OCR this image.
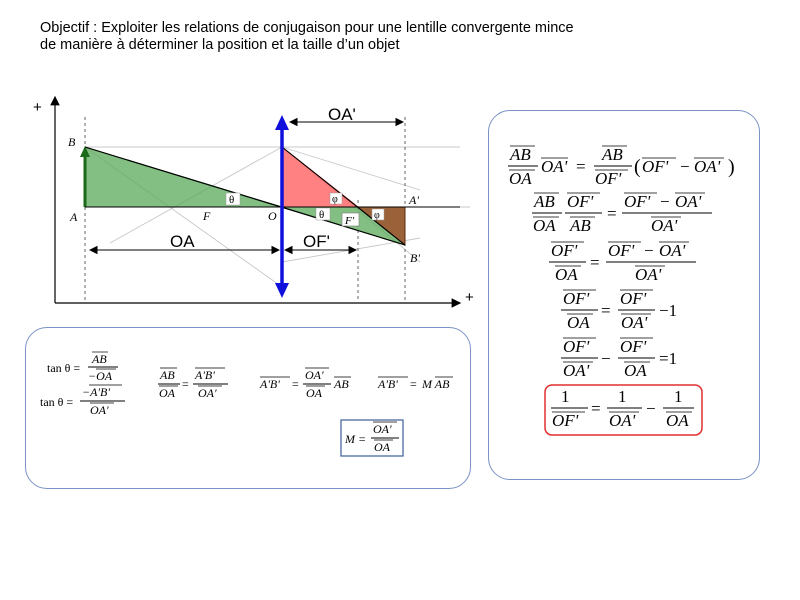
Objectif : Exploiter les relations de conjugaison pour une lentille convergente mince
de manière à déterminer la position et la taille d’un objet
+
+
OA'
OA	OF'
B
A	F	O
A'
B'
F'
θ
θ
φ
φ
tan θ =
AB
−OA
tan θ =
−A'B'
OA'
AB
OA
=
A'B'
OA'
A'B' =
OA'
OA
AB A'B' = M AB
M =
OA'
OA
AB
OA
OA' =
AB
OF'
( OF' − OA' )
AB
OA
OF'
AB
=
OF' − OA'
OA'
OF'
OA
=
OF' − OA'
OA'
OF'
OA
=
OF'
OA'
−1
OF'
OA'
−
OF'
OA
=1
1
OF'
=
1
OA'
−
1
OA
